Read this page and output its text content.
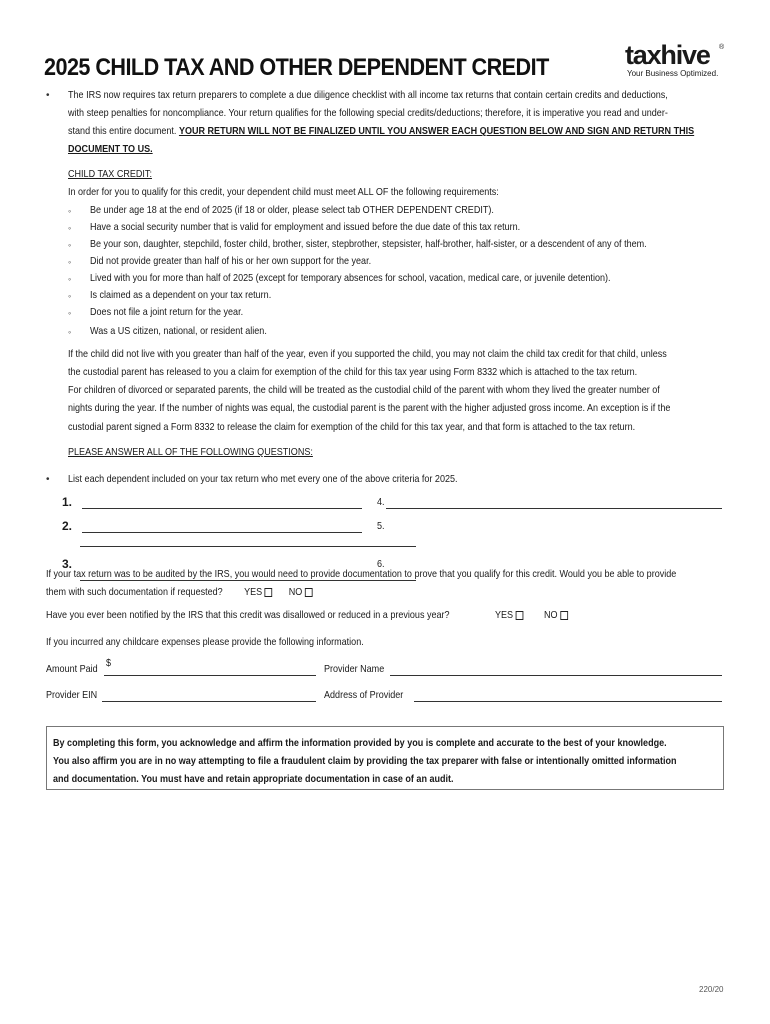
2025 CHILD TAX AND OTHER DEPENDENT CREDIT	taxhive ®
Your Business Optimized.
• The IRS now requires tax return preparers to complete a due diligence checklist with all income tax returns that contain certain credits and deductions,
with steep penalties for noncompliance. Your return qualifies for the following special credits/deductions; therefore, it is imperative you read and under-
stand this entire document. YOUR RETURN WILL NOT BE FINALIZED UNTIL YOU ANSWER EACH QUESTION BELOW AND SIGN AND RETURN THIS
DOCUMENT TO US.
CHILD TAX CREDIT:
In order for you to qualify for this credit, your dependent child must meet ALL OF the following requirements:
◦ Be under age 18 at the end of 2025 (if 18 or older, please select tab OTHER DEPENDENT CREDIT).
◦ Have a social security number that is valid for employment and issued before the due date of this tax return.
◦ Be your son, daughter, stepchild, foster child, brother, sister, stepbrother, stepsister, half-brother, half-sister, or a descendent of any of them.
◦ Did not provide greater than half of his or her own support for the year.
◦ Lived with you for more than half of 2025 (except for temporary absences for school, vacation, medical care, or juvenile detention).
◦ Is claimed as a dependent on your tax return.
◦ Does not file a joint return for the year.
◦ Was a US citizen, national, or resident alien.
If the child did not live with you greater than half of the year, even if you supported the child, you may not claim the child tax credit for that child, unless
the custodial parent has released to you a claim for exemption of the child for this tax year using Form 8332 which is attached to the tax return.
For children of divorced or separated parents, the child will be treated as the custodial child of the parent with whom they lived the greater number of
nights during the year. If the number of nights was equal, the custodial parent is the parent with the higher adjusted gross income. An exception is if the
custodial parent signed a Form 8332 to release the claim for exemption of the child for this tax year, and that form is attached to the tax return.
PLEASE ANSWER ALL OF THE FOLLOWING QUESTIONS:
• List each dependent included on your tax return who met every one of the above criteria for 2025.
1.	4.
2.	5.
3.	6.
If your tax return was to be audited by the IRS, you would need to provide documentation to prove that you qualify for this credit. Would you be able to provide
them with such documentation if requested? YES	NO
Have you ever been notified by the IRS that this credit was disallowed or reduced in a previous year?	YES	NO
If you incurred any childcare expenses please provide the following information.
Amount Paid $	Provider Name
Provider EIN	Address of Provider
By completing this form, you acknowledge and affirm the information provided by you is complete and accurate to the best of your knowledge.
You also affirm you are in no way attempting to file a fraudulent claim by providing the tax preparer with false or intentionally omitted information
and documentation. You must have and retain appropriate documentation in case of an audit.
220/20
